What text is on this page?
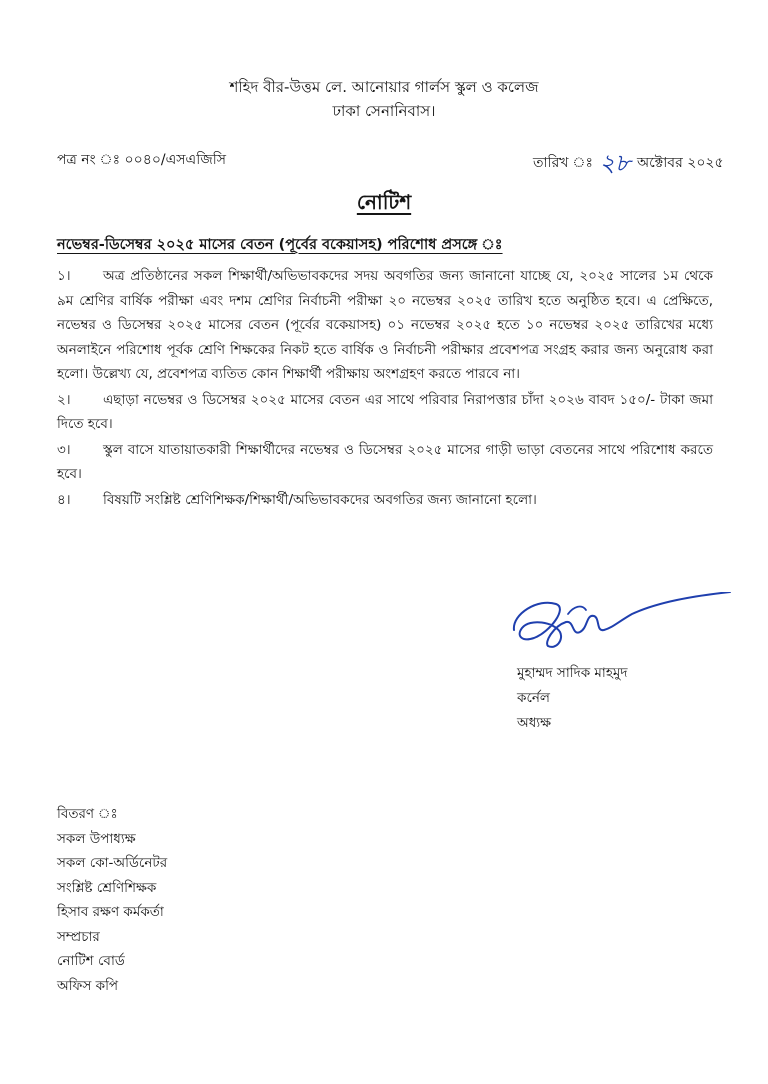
শহিদ বীর-উত্তম লে. আনোয়ার গার্লস স্কুল ও কলেজ
ঢাকা সেনানিবাস।
পত্র নং ঃ ০০৪০/এসএজিসি	তারিখ ঃ ২৮ অক্টোবর ২০২৫
নোটিশ
নভেম্বর-ডিসেম্বর ২০২৫ মাসের বেতন (পূর্বের বকেয়াসহ) পরিশোধ প্রসঙ্গে ঃ

১। অত্র প্রতিষ্ঠানের সকল শিক্ষার্থী/অভিভাবকদের সদয় অবগতির জন্য জানানো যাচ্ছে যে, ২০২৫ সালের ১ম থেকে ৯ম শ্রেণির বার্ষিক পরীক্ষা এবং দশম শ্রেণির নির্বাচনী পরীক্ষা ২০ নভেম্বর ২০২৫ তারিখ হতে অনুষ্ঠিত হবে। এ প্রেক্ষিতে, নভেম্বর ও ডিসেম্বর ২০২৫ মাসের বেতন (পূর্বের বকেয়াসহ) ০১ নভেম্বর ২০২৫ হতে ১০ নভেম্বর ২০২৫ তারিখের মধ্যে অনলাইনে পরিশোধ পূর্বক শ্রেণি শিক্ষকের নিকট হতে বার্ষিক ও নির্বাচনী পরীক্ষার প্রবেশপত্র সংগ্রহ করার জন্য অনুরোধ করা হলো। উল্লেখ্য যে, প্রবেশপত্র ব্যতিত কোন শিক্ষার্থী পরীক্ষায় অংশগ্রহণ করতে পারবে না।

২। এছাড়া নভেম্বর ও ডিসেম্বর ২০২৫ মাসের বেতন এর সাথে পরিবার নিরাপত্তার চাঁদা ২০২৬ বাবদ ১৫০/- টাকা জমা দিতে হবে।

৩। স্কুল বাসে যাতায়াতকারী শিক্ষার্থীদের নভেম্বর ও ডিসেম্বর ২০২৫ মাসের গাড়ী ভাড়া বেতনের সাথে পরিশোধ করতে হবে।

৪। বিষয়টি সংশ্লিষ্ট শ্রেণিশিক্ষক/শিক্ষার্থী/অভিভাবকদের অবগতির জন্য জানানো হলো।

মুহাম্মদ সাদিক মাহমুদ
কর্নেল
অধ্যক্ষ
বিতরণ ঃ
সকল উপাধ্যক্ষ
সকল কো-অর্ডিনেটর
সংশ্লিষ্ট শ্রেণিশিক্ষক
হিসাব রক্ষণ কর্মকর্তা
সম্প্রচার
নোটিশ বোর্ড
অফিস কপি
